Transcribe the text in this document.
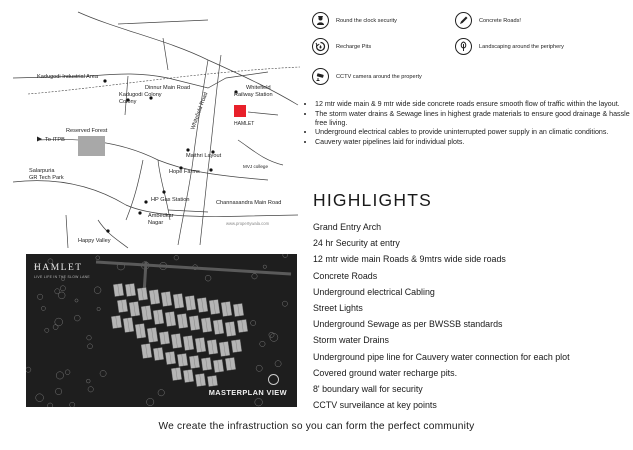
Kadugodi Industrial Area
Dinnur Main Road
Kadugodi Colony
Colony
Whitefield
Railway Station
Whitefield Road	HAMLET
Reserved Forest
To ITPB
Salarpuria
GR Tech Park
Maithri Layout
Hope Farms
MVJ college
HP Gas Station	Channasandra Main Road
Ambedkar
Nagar
Happy Valley
www.propertywala.com
Round the clock security	Concrete Roads!
Recharge Pits	Landscaping around the periphery
CCTV camera around the property
• 12 mtr wide main & 9 mtr wide side concrete roads ensure smooth flow of traffic within the layout.
• The storm water drains & Sewage lines in highest grade materials to ensure good drainage & hassle free living.
• Underground electrical cables to provide uninterrupted power supply in an climatic conditions.
• Cauvery water pipelines laid for individual plots.
HIGHLIGHTS
Grand Entry Arch
24 hr Security at entry
12 mtr wide main Roads & 9mtrs wide side roads
Concrete Roads
Underground electrical Cabling
Street Lights
Underground Sewage as per BWSSB standards
Storm water Drains
Underground pipe line for Cauvery water connection for each plot
Covered ground water recharge pits.
8' boundary wall for security
CCTV surveilance at key points
HAMLET
LIVE LIFE IN THE SLOW LANE
MASTERPLAN VIEW
We create the infrastruction so you can form the perfect community
